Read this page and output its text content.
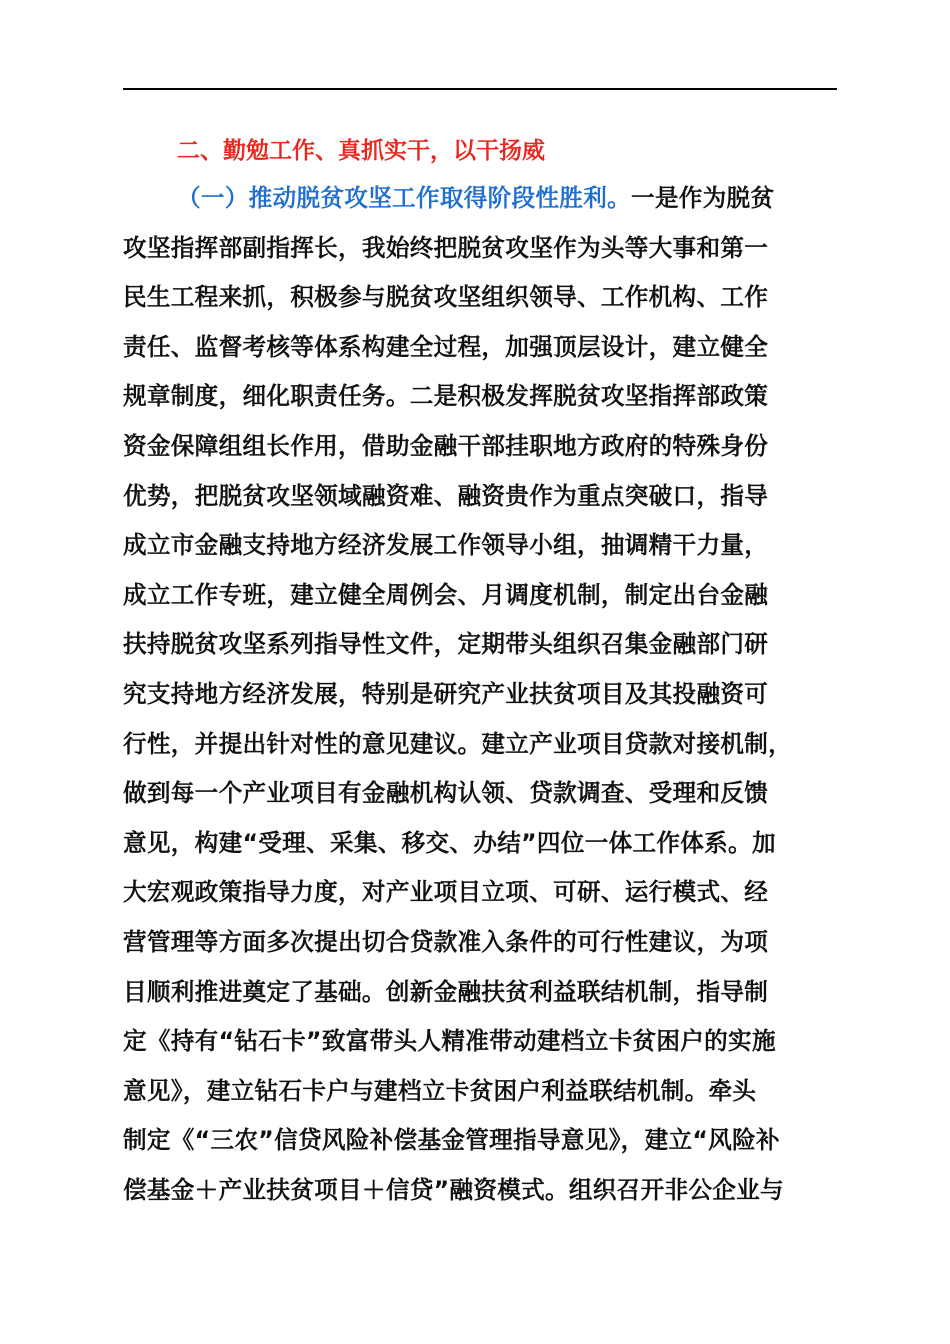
二、勤勉工作、真抓实干，以干扬威
（一）推动脱贫攻坚工作取得阶段性胜利。一是作为脱贫
攻坚指挥部副指挥长，我始终把脱贫攻坚作为头等大事和第一
民生工程来抓，积极参与脱贫攻坚组织领导、工作机构、工作
责任、监督考核等体系构建全过程，加强顶层设计，建立健全
规章制度，细化职责任务。二是积极发挥脱贫攻坚指挥部政策
资金保障组组长作用，借助金融干部挂职地方政府的特殊身份
优势，把脱贫攻坚领域融资难、融资贵作为重点突破口，指导
成立市金融支持地方经济发展工作领导小组，抽调精干力量，
成立工作专班，建立健全周例会、月调度机制，制定出台金融
扶持脱贫攻坚系列指导性文件，定期带头组织召集金融部门研
究支持地方经济发展，特别是研究产业扶贫项目及其投融资可
行性，并提出针对性的意见建议。建立产业项目贷款对接机制，
做到每一个产业项目有金融机构认领、贷款调查、受理和反馈
意见，构建“受理、采集、移交、办结”四位一体工作体系。加
大宏观政策指导力度，对产业项目立项、可研、运行模式、经
营管理等方面多次提出切合贷款准入条件的可行性建议，为项
目顺利推进奠定了基础。创新金融扶贫利益联结机制，指导制
定《持有“钻石卡”致富带头人精准带动建档立卡贫困户的实施
意见》，建立钻石卡户与建档立卡贫困户利益联结机制。牵头
制定《“三农”信贷风险补偿基金管理指导意见》，建立“风险补
偿基金＋产业扶贫项目＋信贷”融资模式。组织召开非公企业与
